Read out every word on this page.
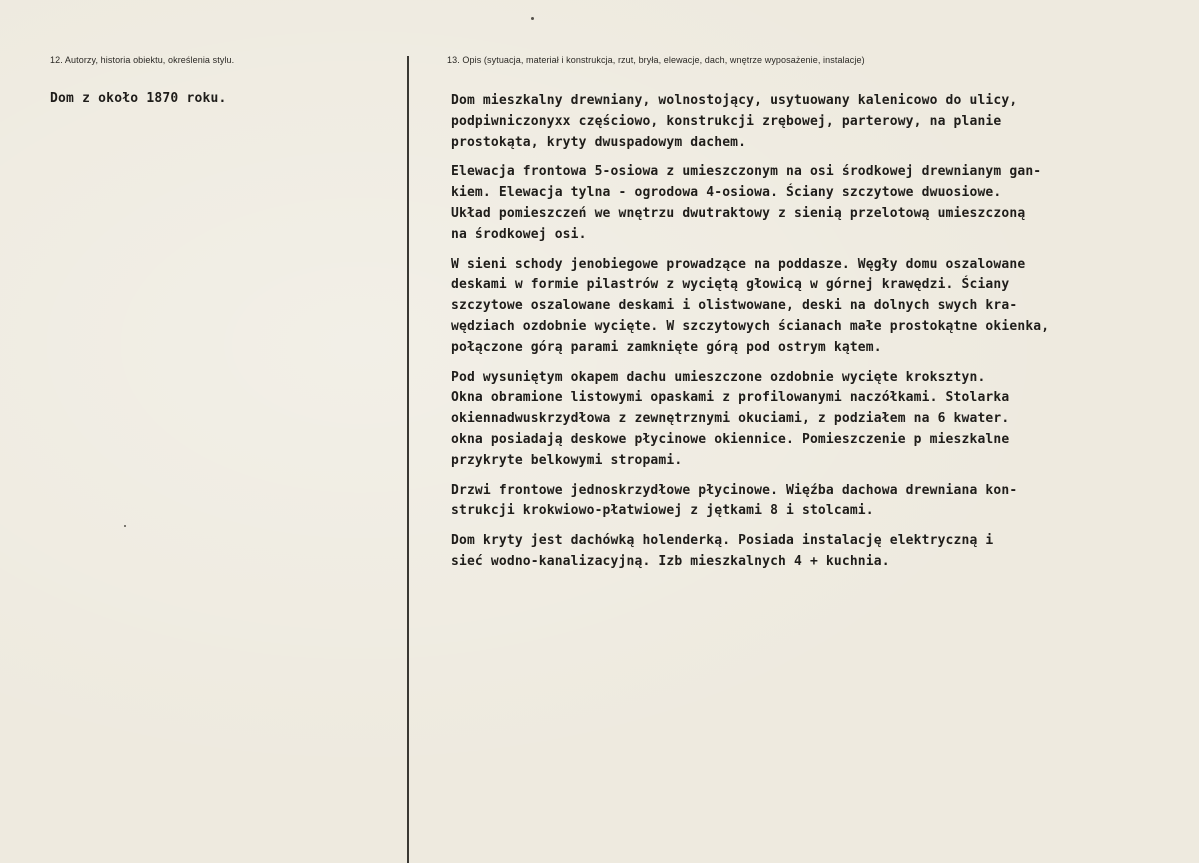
12. Autorzy, historia obiektu, określenia stylu.	13. Opis (sytuacja, materiał i konstrukcja, rzut, bryła, elewacje, dach, wnętrze wyposażenie, instalacje)
Dom z około 1870 roku.	Dom mieszkalny drewniany, wolnostojący, usytuowany kalenicowo do ulicy,
podpiwniczonyxx częściowo, konstrukcji zrębowej, parterowy, na planie
prostokąta, kryty dwuspadowym dachem.
Elewacja frontowa 5-osiowa z umieszczonym na osi środkowej drewnianym gan-
kiem. Elewacja tylna - ogrodowa 4-osiowa. Ściany szczytowe dwuosiowe.
Układ pomieszczeń we wnętrzu dwutraktowy z sienią przelotową umieszczoną
na środkowej osi.
W sieni schody jenobiegowe prowadzące na poddasze. Węgły domu oszalowane
deskami w formie pilastrów z wyciętą głowicą w górnej krawędzi. Ściany
szczytowe oszalowane deskami i olistwowane, deski na dolnych swych kra-
wędziach ozdobnie wycięte. W szczytowych ścianach małe prostokątne okienka,
połączone górą parami zamknięte górą pod ostrym kątem.
Pod wysuniętym okapem dachu umieszczone ozdobnie wycięte kroksztyn.
Okna obramione listowymi opaskami z profilowanymi naczółkami. Stolarka
okiennadwuskrzydłowa z zewnętrznymi okuciami, z podziałem na 6 kwater.
okna posiadają deskowe płycinowe okiennice. Pomieszczenie p mieszkalne
przykryte belkowymi stropami.
Drzwi frontowe jednoskrzydłowe płycinowe. Więźba dachowa drewniana kon-
strukcji krokwiowo-płatwiowej z jętkami 8 i stolcami.
Dom kryty jest dachówką holenderką. Posiada instalację elektryczną i
sieć wodno-kanalizacyjną. Izb mieszkalnych 4 + kuchnia.
